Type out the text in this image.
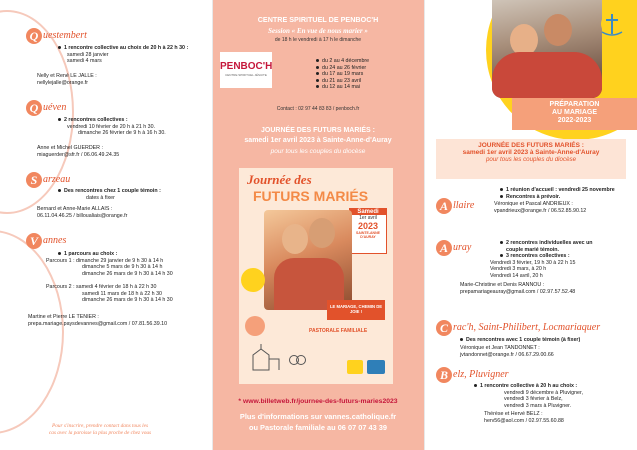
Q uestembert
1 rencontre collective au choix de 20 h à 22 h 30 :
samedi 28 janvier
samedi 4 mars
Nelly et René LE JALLE :
nellylejalle@orange.fr
Q uéven
2 rencontres collectives :
vendredi 10 février de 20 h à 21 h 30.
dimanche 26 février de 9 h à 16 h 30.
Anne et Michel GUERDER :
miaguerder@sfr.fr / 06.06.49.24.35
S arzeau
Des rencontres chez 1 couple témoin :
dates à fixer
Bernard et Anne-Marie ALLAIS :
06.11.04.46.25 / billoualiais@orange.fr
V annes
1 parcours au choix :
Parcours 1 : dimanche 29 janvier de 9 h 30 à 14 h
dimanche 5 mars de 9 h 30 à 14 h
dimanche 26 mars de 9 h 30 à 14 h 30

Parcours 2 : samedi 4 février de 18 h à 22 h 30
samedi 11 mars de 18 h à 22 h 30
dimanche 26 mars de 9 h 30 à 14 h 30
Martine et Pierre LE TENIER :
prepa.mariage.paysdevannes@gmail.com / 07.81.56.39.10
Pour s'inscrire, prendre contact dans tous les
cas avec la paroisse la plus proche de chez vous
CENTRE SPIRITUEL DE PENBOC'H
Session « En vue de nous marier »
de 18 h le vendredi à 17 h le dimanche
PENBOC'H
CENTRE SPIRITUEL JÉSUITE
du 2 au 4 décembre
du 24 au 26 février
du 17 au 19 mars
du 21 au 23 avril
du 12 au 14 mai
Contact : 02 97 44 83 83 / penboch.fr
JOURNÉE DES FUTURS MARIÉS :
samedi 1er avril 2023 à Sainte-Anne-d'Auray
pour tous les couples du diocèse
Journée des
FUTURS MARIÉS
Samedi
1er avril
2023
SAINTE-ANNE D'AURAY
LE MARIAGE, CHEMIN DE JOIE !
PASTORALE FAMILIALE
* www.billetweb.fr/journee-des-futurs-maries2023
Plus d'informations sur vannes.catholique.fr
ou Pastorale familiale au 06 07 07 43 39
PRÉPARATION
AU MARIAGE
2022-2023
JOURNÉE DES FUTURS MARIÉS :
samedi 1er avril 2023 à Sainte-Anne-d'Auray
pour tous les couples du diocèse
A llaire
1 réunion d'accueil : vendredi 25 novembre
Rencontres à prévoir.
Véronique et Pascal ANDRIEUX :
vpandrieux@orange.fr / 06.52.85.90.12
A uray	2 rencontres individuelles avec un
couple marié témoin.
3 rencontres collectives :
Vendredi 3 février, 19 h 30 à 22 h 15
Vendredi 3 mars, à 20 h
Vendredi 14 avril, 20 h
Marie-Christine et Denis RANNOU :
prepamariageauray@gmail.com / 02.97.57.52.48
C rac'h, Saint-Philibert, Locmariaquer
Des rencontres avec 1 couple témoin (à fixer)
Véronique et Jean TANDONNET :
jvtandonnet@orange.fr / 06.67.29.00.66
B elz, Pluvigner
1 rencontre collective à 20 h au choix :
vendredi 9 décembre à Pluvigner,
vendredi 3 février à Belz,
vendredi 3 mars à Pluvigner.
Thérèse et Hervé BELZ :
herv56@aol.com / 02.97.55.60.88
